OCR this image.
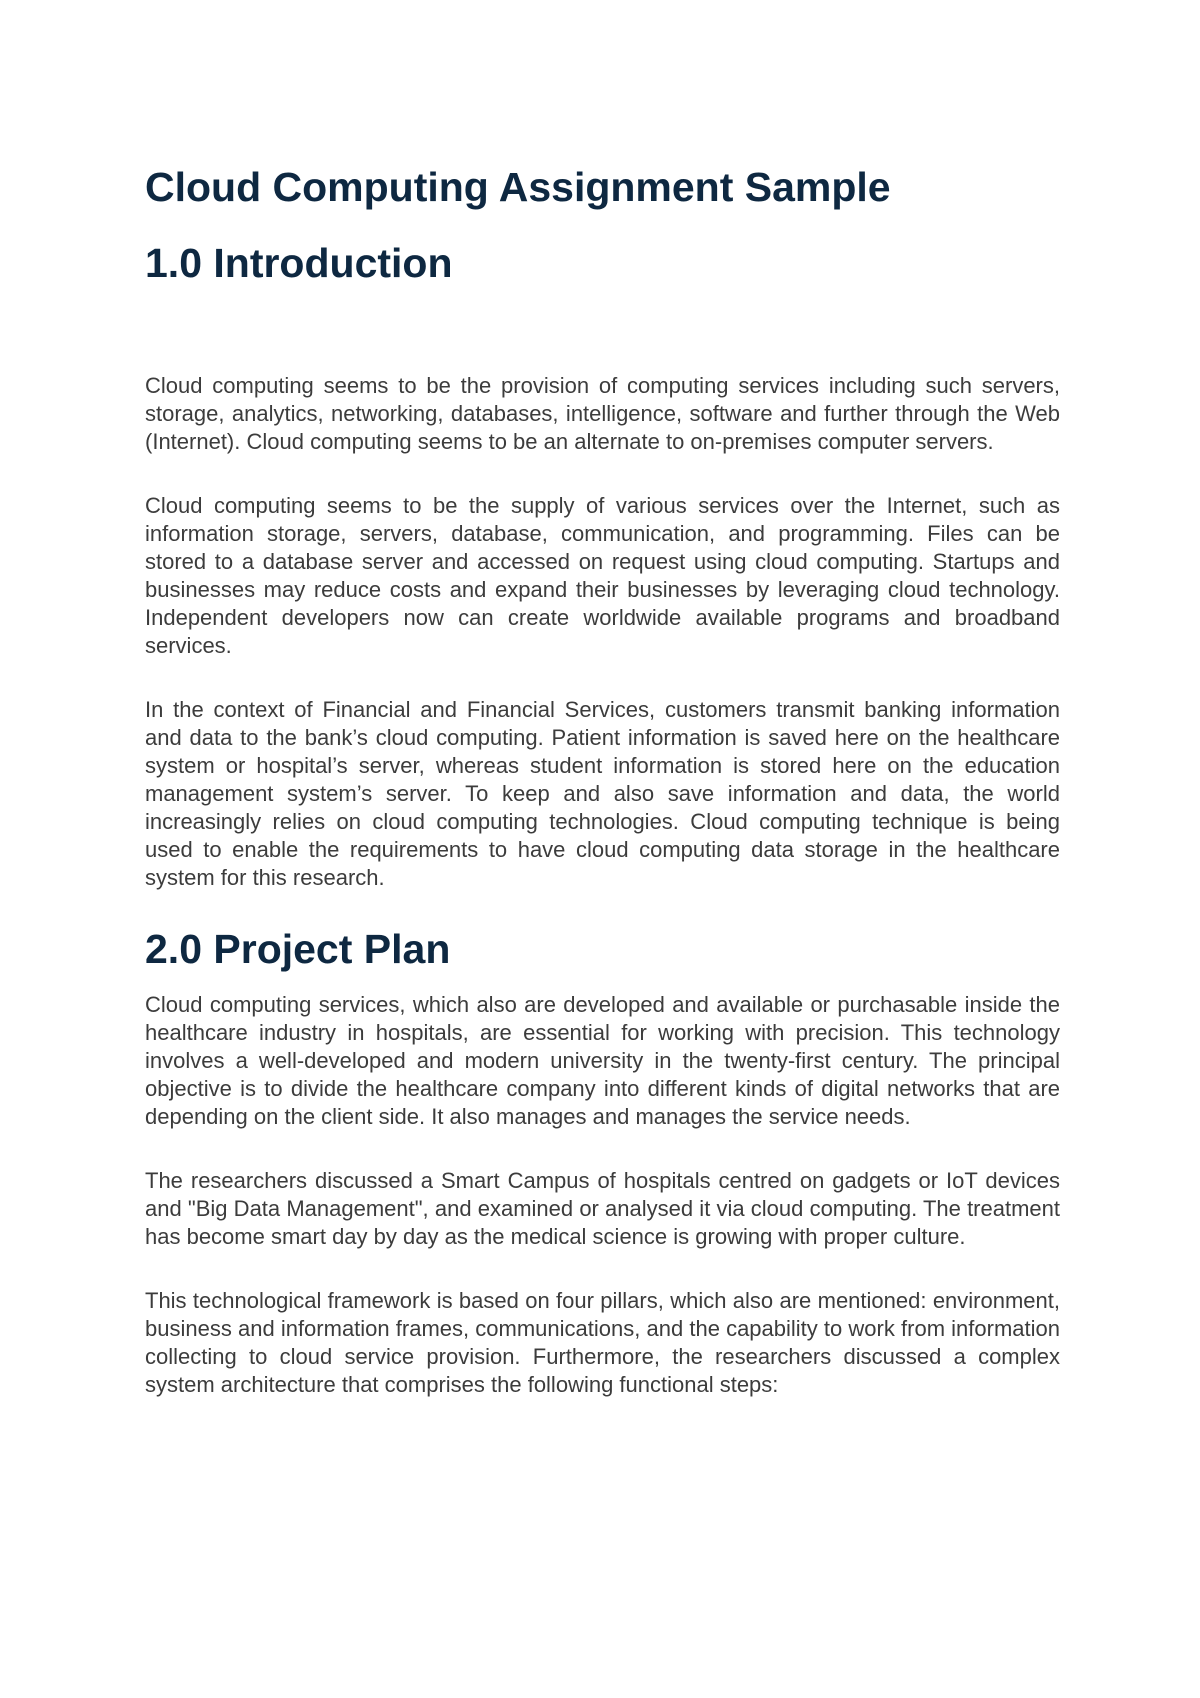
Cloud Computing Assignment Sample
1.0 Introduction

Cloud computing seems to be the provision of computing services including such servers, storage, analytics, networking, databases, intelligence, software and further through the Web (Internet). Cloud computing seems to be an alternate to on-premises computer servers.

Cloud computing seems to be the supply of various services over the Internet, such as information storage, servers, database, communication, and programming. Files can be stored to a database server and accessed on request using cloud computing. Startups and businesses may reduce costs and expand their businesses by leveraging cloud technology. Independent developers now can create worldwide available programs and broadband services.

In the context of Financial and Financial Services, customers transmit banking information and data to the bank’s cloud computing. Patient information is saved here on the healthcare system or hospital’s server, whereas student information is stored here on the education management system’s server. To keep and also save information and data, the world increasingly relies on cloud computing technologies. Cloud computing technique is being used to enable the requirements to have cloud computing data storage in the healthcare system for this research.

2.0 Project Plan

Cloud computing services, which also are developed and available or purchasable inside the healthcare industry in hospitals, are essential for working with precision. This technology involves a well-developed and modern university in the twenty-first century. The principal objective is to divide the healthcare company into different kinds of digital networks that are depending on the client side. It also manages and manages the service needs.

The researchers discussed a Smart Campus of hospitals centred on gadgets or IoT devices and "Big Data Management", and examined or analysed it via cloud computing. The treatment has become smart day by day as the medical science is growing with proper culture.

This technological framework is based on four pillars, which also are mentioned: environment, business and information frames, communications, and the capability to work from information collecting to cloud service provision. Furthermore, the researchers discussed a complex system architecture that comprises the following functional steps:
